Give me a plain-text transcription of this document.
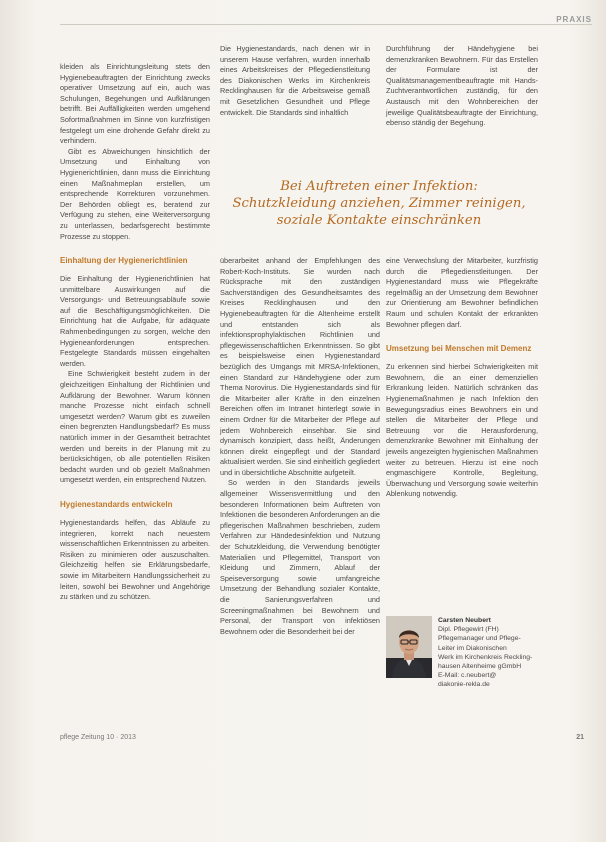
PRAXIS

kleiden als Einrichtungsleitung stets den Hygienebeauftragten der Einrichtung zwecks operativer Umsetzung auf ein, auch was Schulungen, Begehungen und Aufklärungen betrifft. Bei Auffälligkeiten werden umgehend Sofortmaßnahmen im Sinne von kurzfristigen festgelegt um eine drohende Gefahr direkt zu verhindern.

Gibt es Abweichungen hinsichtlich der Umsetzung und Einhaltung von Hygienerichtlinien, dann muss die Einrichtung einen Maßnahmeplan erstellen, um entsprechende Korrekturen vorzunehmen. Der Behörden obliegt es, beratend zur Verfügung zu stehen, eine Weiterversorgung zu unterlassen, bedarfsgerecht bestimmte Prozesse zu stoppen.

Einhaltung der Hygienerichtlinien

Die Einhaltung der Hygienerichtlinien hat unmittelbare Auswirkungen auf die Versorgungs- und Betreuungsabläufe sowie auf die Beschäftigungsmöglichkeiten. Die Einrichtung hat die Aufgabe, für adäquate Rahmenbedingungen zu sorgen, welche den Hygieneanforderungen entsprechen. Festgelegte Standards müssen eingehalten werden.

Eine Schwierigkeit besteht zudem in der gleichzeitigen Einhaltung der Richtlinien und Aufklärung der Bewohner. Warum können manche Prozesse nicht einfach schnell umgesetzt werden? Warum gibt es zuweilen einen begrenzten Handlungsbedarf? Es muss natürlich immer in der Gesamtheit betrachtet werden und bereits in der Planung mit zu berücksichtigen, ob alle potentiellen Risiken bedacht wurden und ob gezielt Maßnahmen umgesetzt werden, ein entsprechend Nutzen.

Hygienestandards entwickeln

Hygienestandards helfen, das Abläufe zu integrieren, korrekt nach neuestem wissenschaftlichen Erkenntnissen zu arbeiten. Risiken zu minimieren oder auszuschalten. Gleichzeitig helfen sie Erklärungsbedarfe, sowie im Mitarbeitern Handlungssicherheit zu leiten, sowohl bei Bewohner und Angehörige zu stärken und zu schützen.

Die Hygienestandards, nach denen wir in unserem Hause verfahren, wurden innerhalb eines Arbeitskreises der Pflegedienstleitung des Diakonischen Werks im Kirchenkreis Recklinghausen für die Arbeitsweise gemäß mit Gesetzlichen Gesundheit und Pflege entwickelt. Die Standards sind inhaltlich

Durchführung der Händehygiene bei demenzkranken Bewohnern. Für das Erstellen der Formulare ist der Qualitätsmanagementbeauftragte mit Hands-Zuchtverantwortlichen zuständig, für den Austausch mit den Wohnbereichen der jeweilige Qualitätsbeauftragte der Einrichtung, ebenso ständig der Begehung.

Bei Auftreten einer Infektion:
Schutzkleidung anziehen, Zimmer reinigen,
soziale Kontakte einschränken

überarbeitet anhand der Empfehlungen des Robert-Koch-Instituts. Sie wurden nach Rücksprache mit den zuständigen Sachverständigen des Gesundheitsamtes des Kreises Recklinghausen und den Hygienebeauftragten für die Altenheime erstellt und entstanden sich als infektionsprophylaktischen Richtlinien und pflegewissenschaftlichen Erkenntnissen. So gibt es beispielsweise einen Hygienestandard bezüglich des Umgangs mit MRSA-Infektionen, einen Standard zur Händehygiene oder zum Thema Norovirus. Die Hygienestandards sind für die Mitarbeiter aller Kräfte in den einzelnen Bereichen offen im Intranet hinterlegt sowie in einem Ordner für die Mitarbeiter der Pflege auf jedem Wohnbereich einsehbar. Sie sind dynamisch konzipiert, dass heißt, Änderungen können direkt eingepflegt und der Standard aktualisiert werden. Sie sind einheitlich gegliedert und in übersichtliche Abschnitte aufgeteilt.

So werden in den Standards jeweils allgemeiner Wissensvermittlung und den besonderen Informationen beim Auftreten von Infektionen die besonderen Anforderungen an die pflegerischen Maßnahmen beschrieben, zudem Verfahren zur Händedesinfektion und Nutzung der Schutzkleidung, die Verwendung benötigter Materialien und Pflegemittel, Transport von Kleidung und Zimmern, Ablauf der Speiseversorgung sowie umfangreiche Umsetzung der Behandlung sozialer Kontakte, die Sanierungsverfahren und Screeningmaßnahmen bei Bewohnern und Personal, der Transport von infektiösen Bewohnern oder die Besonderheit bei der

eine Verwechslung der Mitarbeiter, kurzfristig durch die Pflegedienstleitungen. Der Hygienestandard muss wie Pflegekräfte regelmäßig an der Umsetzung dem Bewohner zur Orientierung am Bewohner befindlichen Raum und schulen Kontakt der erkrankten Bewohner pflegen darf.

Umsetzung bei Menschen mit Demenz

Zu erkennen sind hierbei Schwierigkeiten mit Bewohnern, die an einer demenziellen Erkrankung leiden. Natürlich schränken das Hygienemaßnahmen je nach Infektion den Bewegungsradius eines Bewohners ein und stellen die Mitarbeiter der Pflege und Betreuung vor die Herausforderung, demenzkranke Bewohner mit Einhaltung der jeweils angezeigten hygienischen Maßnahmen weiter zu betreuen. Hierzu ist eine noch engmaschigere Kontrolle, Begleitung, Überwachung und Versorgung sowie weiterhin Ablenkung notwendig.

Carsten Neubert
Dipl. Pflegewirt (FH)
Pflegemanager und Pflege-
Leiter im Diakonischen
Werk im Kirchenkreis Reckling-
hausen Altenheime gGmbH
E-Mail: c.neubert@
diakonie-rekla.de
pflege Zeitung 10 · 2013	21
